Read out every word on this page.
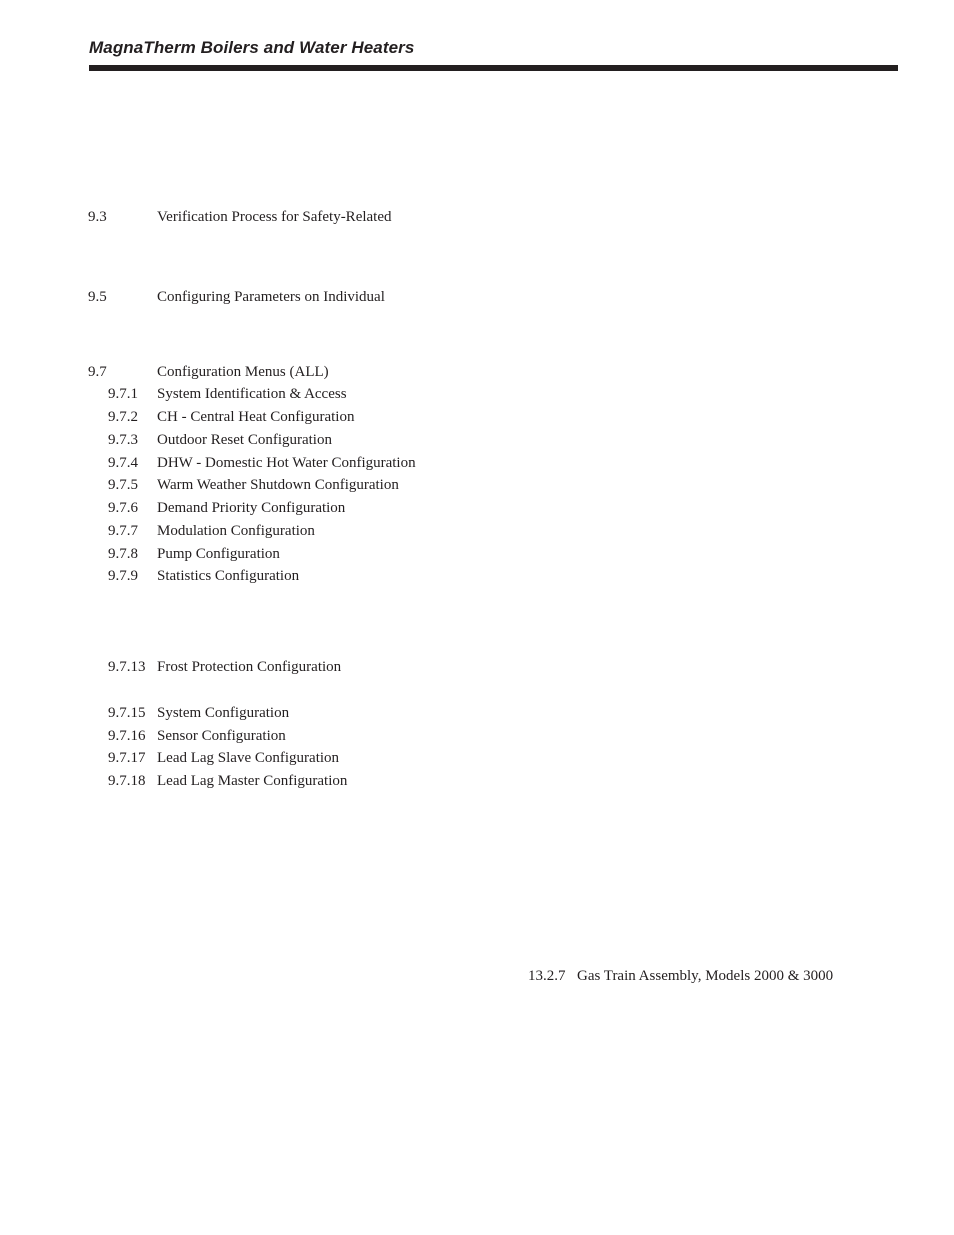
MagnaTherm Boilers and Water Heaters
9.3	Verification Process for Safety-Related
9.5	Configuring Parameters on Individual
9.7	Configuration Menus (ALL)
9.7.1 System Identification & Access
9.7.2 CH - Central Heat Configuration
9.7.3 Outdoor Reset Configuration
9.7.4 DHW - Domestic Hot Water Configuration
9.7.5 Warm Weather Shutdown Configuration
9.7.6 Demand Priority Configuration
9.7.7 Modulation Configuration
9.7.8 Pump Configuration
9.7.9 Statistics Configuration
9.7.13 Frost Protection Configuration
9.7.15 System Configuration
9.7.16 Sensor Configuration
9.7.17 Lead Lag Slave Configuration
9.7.18 Lead Lag Master Configuration
13.2.7 Gas Train Assembly, Models 2000 & 3000
